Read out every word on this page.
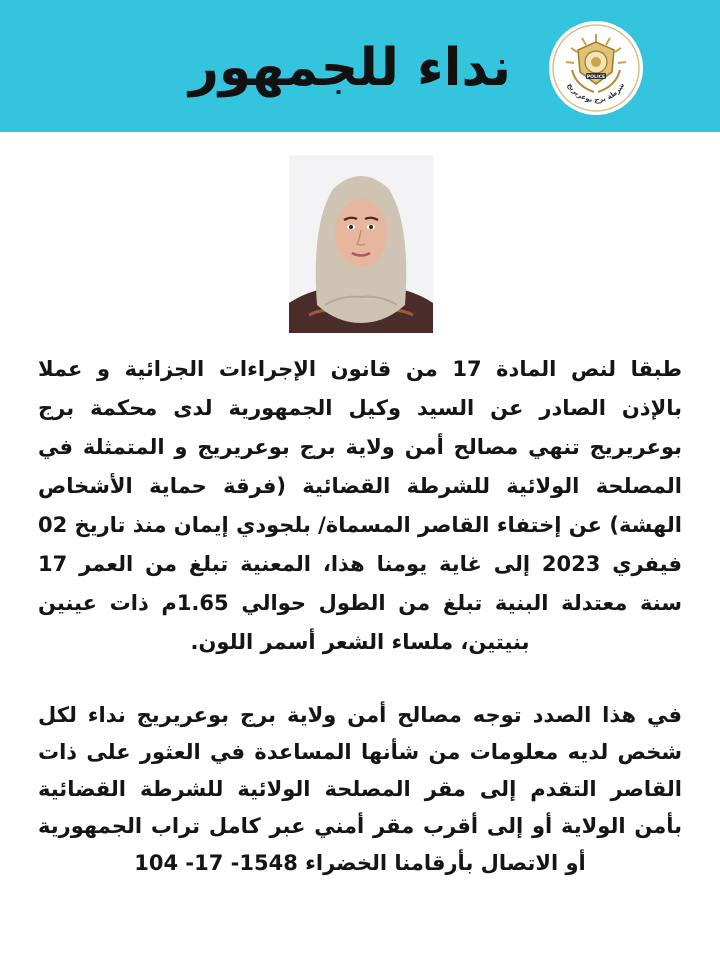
نداء للجمهور	POLICE
شرطة برج بوعريريج
طبقا لنص المادة 17 من قانون الإجراءات الجزائية و عملا بالإذن الصادر عن السيد وكيل الجمهورية لدى محكمة برج بوعريريج تنهي مصالح أمن ولاية برج بوعريريج و المتمثلة في المصلحة الولائية للشرطة القضائية (فرقة حماية الأشخاص الهشة) عن إختفاء القاصر المسماة/ بلجودي إيمان منذ تاريخ 02 فيفري 2023 إلى غاية يومنا هذا، المعنية تبلغ من العمر 17 سنة معتدلة البنية تبلغ من الطول حوالي 1.65م ذات عينين بنيتين، ملساء الشعر أسمر اللون.
في هذا الصدد توجه مصالح أمن ولاية برج بوعريريج نداء لكل شخص لديه معلومات من شأنها المساعدة في العثور على ذات القاصر التقدم إلى مقر المصلحة الولائية للشرطة القضائية بأمن الولاية أو إلى أقرب مقر أمني عبر كامل تراب الجمهورية أو الاتصال بأرقامنا الخضراء 1548- 17- 104
